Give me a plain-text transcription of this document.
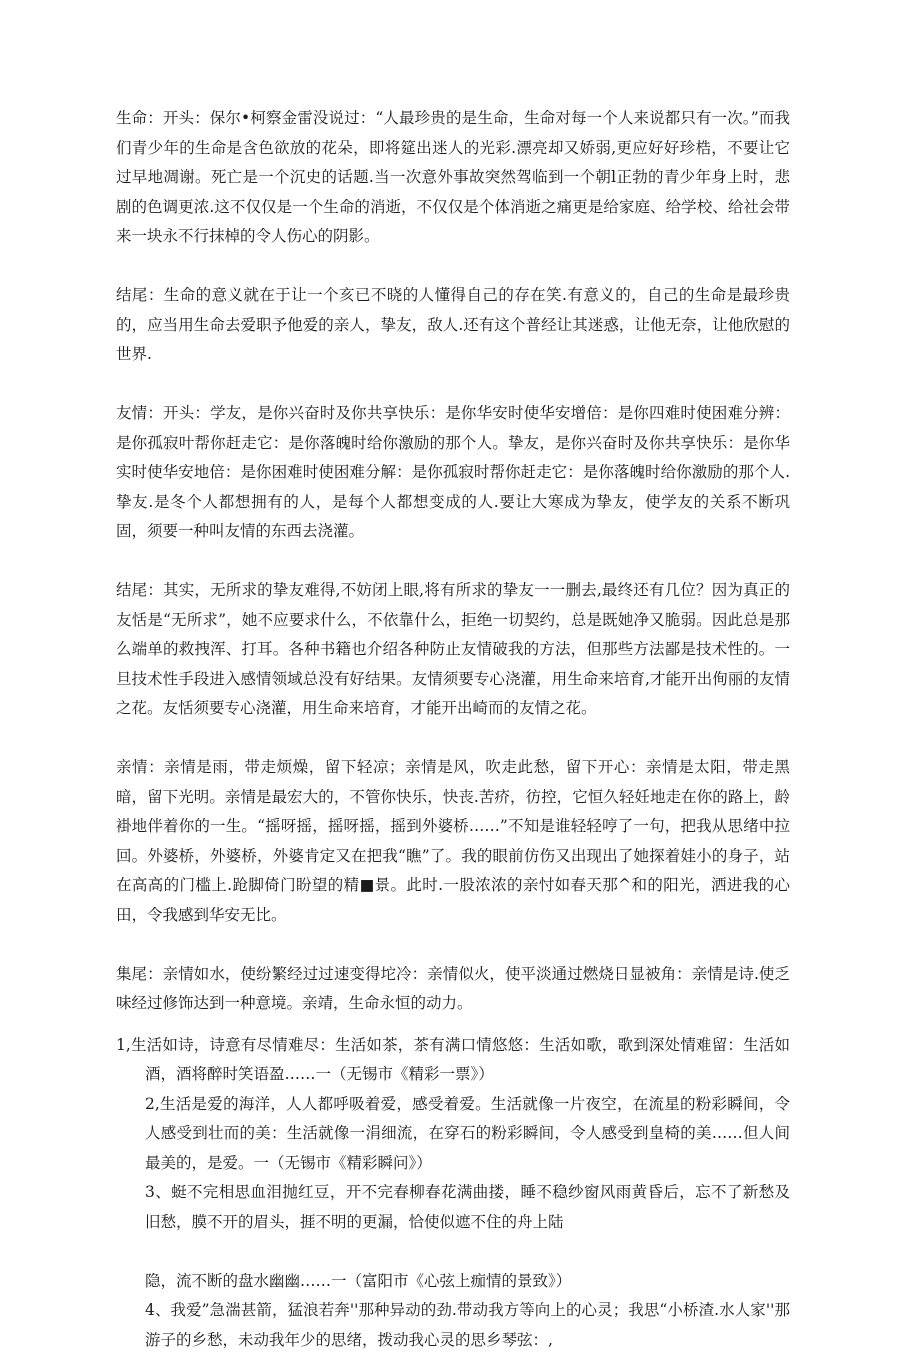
生命：开头：保尔•柯察金雷没说过：“人最珍贵的是生命，生命对每一个人来说都只有一次。”而我们青少年的生命是含色欲放的花朵，即将筵出迷人的光彩.漂亮却又娇弱,更应好好珍梏，不要让它过早地凋谢。死亡是一个沉史的话题.当一次意外事故突然驾临到一个朝l正勃的青少年身上时，悲剧的色调更浓.这不仅仅是一个生命的消逝，不仅仅是个体消逝之痛更是给家庭、给学校、给社会带来一块永不行抹棹的令人伤心的阴影。

结尾：生命的意义就在于让一个亥已不晓的人懂得自己的存在笑.有意义的，自己的生命是最珍贵的，应当用生命去爱职予他爱的亲人，挚友，敌人.还有这个普经让其迷惑，让他无奈，让他欣慰的世界.

友情：开头：学友，是你兴奋时及你共享快乐：是你华安时使华安增倍：是你四难时使困难分辨：是你孤寂叶帮你赶走它：是你落魄时给你激励的那个人。挚友，是你兴奋时及你共享快乐：是你华实时使华安地倍：是你困难时使困难分解：是你孤寂时帮你赶走它：是你落魄时给你激励的那个人.挚友.是冬个人都想拥有的人，是每个人都想变成的人.要让大寒成为挚友，使学友的关系不断巩固，须要一种叫友情的东西去浇灌。

结尾：其实，无所求的挚友难得,不妨闭上眼,将有所求的挚友一一删去,最终还有几位？因为真正的友恬是“无所求”，她不应要求什么，不依靠什么，拒绝一切契约，总是既她净又脆弱。因此总是那么端单的救拽浑、打耳。各种书籍也介绍各种防止友情破我的方法，但那些方法鄙是技术性的。一旦技术性手段进入感情领域总没有好结果。友情须要专心浇灌，用生命来培育,才能开出侚丽的友情之花。友恬须要专心浇灌，用生命来培育，才能开出崎而的友情之花。

亲情：亲情是雨，带走烦燥，留下轻凉；亲情是风，吹走此愁，留下开心：亲情是太阳，带走黑暗，留下光明。亲情是最宏大的，不管你快乐，快丧.苦疥，彷控，它恒久轻妊地走在你的路上，龄褂地伴着你的一生。“摇呀摇，摇呀摇，摇到外婆桥……”不知是谁轻轻哼了一句，把我从思绪中拉回。外婆桥，外婆桥，外婆肯定又在把我“瞧”了。我的眼前仿伤又出现出了她探着娃小的身子，站在高高的门槛上.跄脚倚门盼望的精■景。此时.一股浓浓的亲忖如春天那^和的阳光，洒进我的心田，令我感到华安无比。

集尾：亲情如水，使纷繁经过过速变得坨冷：亲情似火，使平淡通过燃烧日显被角：亲情是诗.使乏味经过修饰达到一种意境。亲靖，生命永恒的动力。

1,生活如诗，诗意有尽情难尽：生活如茶，茶有满口情悠悠：生活如歌，歌到深处情难留：生活如酒，酒将醉时笑语盈……一（无锡市《精彩一票》）

2,生活是爱的海洋，人人都呼吸着爱，感受着爱。生活就像一片夜空，在流星的粉彩瞬间，令人感受到壮而的美：生活就像一涓细流，在穿石的粉彩瞬间，令人感受到皇椅的美……但人间最美的，是爱。一（无锡市《精彩瞬问》）

3、蜓不完相思血泪抛红豆，开不完春柳春花满曲搂，睡不稳纱窗风雨黄昏后，忘不了新愁及旧愁，膜不开的眉头，捱不明的更漏，恰使似遮不住的舟上陆

隐，流不断的盘水幽幽……一（富阳市《心弦上痂情的景致》）

4、我爱”急湍甚箭，猛浪若奔''那种异动的劲.带动我方等向上的心灵；我思“小桥渣.水人家''那游子的乡愁，未动我年少的思绪，拨动我心灵的思乡琴弦：,
